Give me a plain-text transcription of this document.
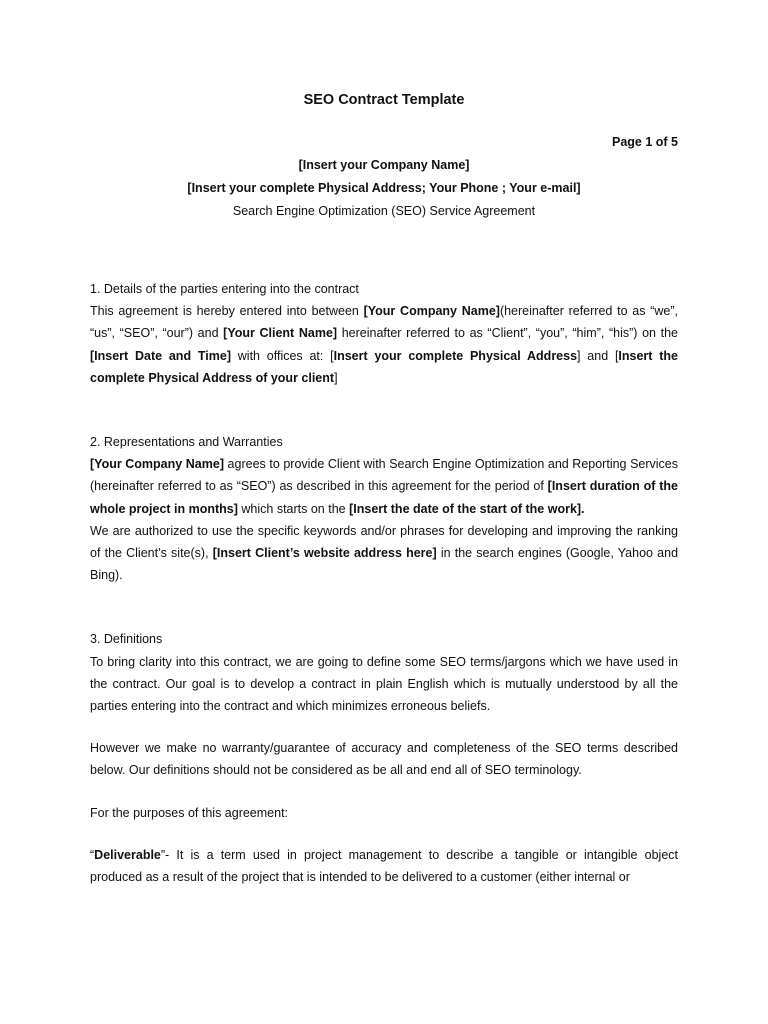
SEO Contract Template
Page 1 of 5
[Insert your Company Name]
[Insert your complete Physical Address; Your Phone ; Your e-mail]
Search Engine Optimization (SEO) Service Agreement

1. Details of the parties entering into the contract

This agreement is hereby entered into between [Your Company Name](hereinafter referred to as “we”, “us”, “SEO”, “our”) and [Your Client Name] hereinafter referred to as “Client”, “you”, “him”, “his”) on the [Insert Date and Time] with offices at: [Insert your complete Physical Address] and [Insert the complete Physical Address of your client]

2. Representations and Warranties

[Your Company Name] agrees to provide Client with Search Engine Optimization and Reporting Services (hereinafter referred to as “SEO”) as described in this agreement for the period of [Insert duration of the whole project in months] which starts on the [Insert the date of the start of the work].

We are authorized to use the specific keywords and/or phrases for developing and improving the ranking of the Client’s site(s), [Insert Client’s website address here] in the search engines (Google, Yahoo and Bing).

3. Definitions

To bring clarity into this contract, we are going to define some SEO terms/jargons which we have used in the contract. Our goal is to develop a contract in plain English which is mutually understood by all the parties entering into the contract and which minimizes erroneous beliefs.

However we make no warranty/guarantee of accuracy and completeness of the SEO terms described below. Our definitions should not be considered as be all and end all of SEO terminology.

For the purposes of this agreement:

“Deliverable”- It is a term used in project management to describe a tangible or intangible object produced as a result of the project that is intended to be delivered to a customer (either internal or
